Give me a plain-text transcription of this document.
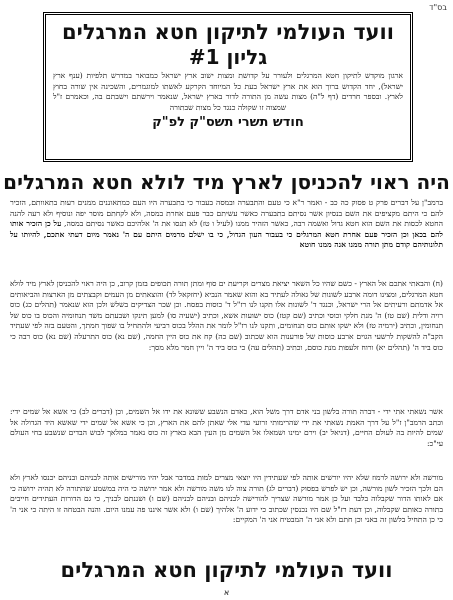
בס"ד
וועד העולמי לתיקון חטא המרגלים
גליון #1
ארגון מוקדש לתיקון חטא המרגלים ולעורר על קדושת ומצות ישוב ארץ ישראל כמבואר במדרש תלפיות (ענף ארץ ישראל), יחד הקדוש ברוך הוא את ארץ ישראל בעת כל המיוחד הקרקע לאשתו למוגמרים, והשכינה אין שורה בחוץ לארץ. ובספר חרדים (דף ל"ה) מצות עשה מן התורה לדור בארץ ישראל, שנאמר וירשתם וישבתם בה, וכאמרם ז"ל שמצוה זו שקולה כנגד כל מצות שבתורה
חודש תשרי תשס"ק לפ"ק
היה ראוי להכניסן לארץ מיד לולא חטא המרגלים

ברמב"ן על דברים פרק ט פסוק כה כב - ואמר ר"א כי טעם והתבערה ובמסה בעבור כי בתבערה היו העם כמתאוננים ממנים רעות בתאוותם, הזכיר להם כי היתם מקציפים את השם בנסיון אשר נסיתם בתבערה כאשר עשיתם כבר פעם אחרת במסה, ולא לקחתם מוסר יפה ונוסיף ולא רעה להנה החטא לכסות את השם הוא חטא גדול ואשמה רבה, כאשר הזהיר ממנו (לעיל ו טז) לא תנסו את ה' אלהיכם כאשר נסיתם במסה, על כן הזכיר אותו להם בכאן וכן הזכיר פעם אחרת חטא המרגלים כי בעבור העון הגדול, כי בו ישלם מרמים היתם עם ה' נאמר מיום דעתי אתכם, להיותו על תלונותיהם קודם מתן תורה ממנו אנה ממנו חוטא

(ח) והבאתי אתכם אל הארץ - כשם שהיו כל השאר יציאת מצרים וקריעת ים סוף ומתן תורה תכופים בזמן קרוב, כן היה ראוי להכניסן לארץ מיד לולא חטא המרגלים, ומצינו דומה ארבע לשונות של גאולה לעתיד בא והוא שאמר הנביא (יחזקאל לד) והוצאתים מן העמים וקבצתים מן הארצות והביאותים אל אדמתם ורעיתים אל הרי ישראל, וכנגד ד' לשונות אלו תקנו לנו רז"ל ד' כוסות בפסח. וכן שכר הצדיקים בשלש ולכן הוא שנאמר (תהלים כג) כוס רויה ודלית (שם טז) ה' מנת חלקי וכוסי וכתיב (שם קטז) כוס ישועות אשא, וכתיב (ישעיה סו) למען תינקו ושבעתם משד תנחומיה והכוס בו כוס של תנחומין, וכתיב (ירמיה טז) ולא ישקו אותם כוס תנחומים, ותקנו לנו רז"ל לומר את ההלל בכוס רביעי ולהתחיל בו שפוך חמתך, והטעם בזה לפי שעתיד הקב"ה להשקות לרשעי הגוים ארבע כוסות של פורענות הוא שכתוב (שם כה) קח את כוס היין החמה, (שם נא) כוס התרעלה (שם נא) כוס רבה כי כוס ביד ה' (תהלים יא) ורוח זלעפות מנת כוסם, וכתיב (תהלים עה) כי כוס ביד ה' ויין חמר מלא מסך:

אשר נשאתי אתי ידי - דברה תורה בלשון בני אדם דרך משל הוא, כאדם הנשבע ששונא את ידו אל השמים, וכן (דברים לב) כי אשא אל שמים ידי: וכתב הרמב"ן ז"ל על דרך האמת נשאתי את ידי שהרימותי זרועי עדי אלי שאתן להם את הארץ, וכן כי אשא אל שמים ידי שאשא היד הגדולה אל שמים להיות בה לעולם החיים, (דניאל יב) וירם ימינו ושמאלו אל השמים מן העין הבא בארץ זה כוס נאמר במלאך לבוש הבדים שנשבע בחי העולם עי"כ:

מורשה ולא ירושה לרמוז שלא יהיו יורשים אותה לפי שעתידין היו יוצאי מצרים למות במדבר אבל יהיו מורישים אותה לבניהם ובניהם יכנסו לארץ ולא הם ולכך הזכיר לשון מורשה, וכן יש לפרש בפסוק (דברים לג) תורה צוה לנו משה מורשה ולא אמר ירושה כי היה במשמע שהתורה לא תהיה ירושה כי אם לאותו הדור שקבלוה בלבד ועל כן אמר מורשה שצריך להורישה לבניהם ובניהם לבניהם (שם ו) ושננתם לבניך, כי גם הדורות העתידים חייבים בתורה כאותם שקבלוה, וכן דעת רז"ל שם היו נכנסין שכתוב כי ידוע ה' אלהיך (שם ו) ולא אשר איננו פה עמנו היום. והנה הבטחה זו היתה כי אני ה' כי כן התחיל בלשון זה באני וכן חתם ולא אני ה' המבטיח אני ה' המקיים:

וועד העולמי לתיקון חטא המרגלים
א
